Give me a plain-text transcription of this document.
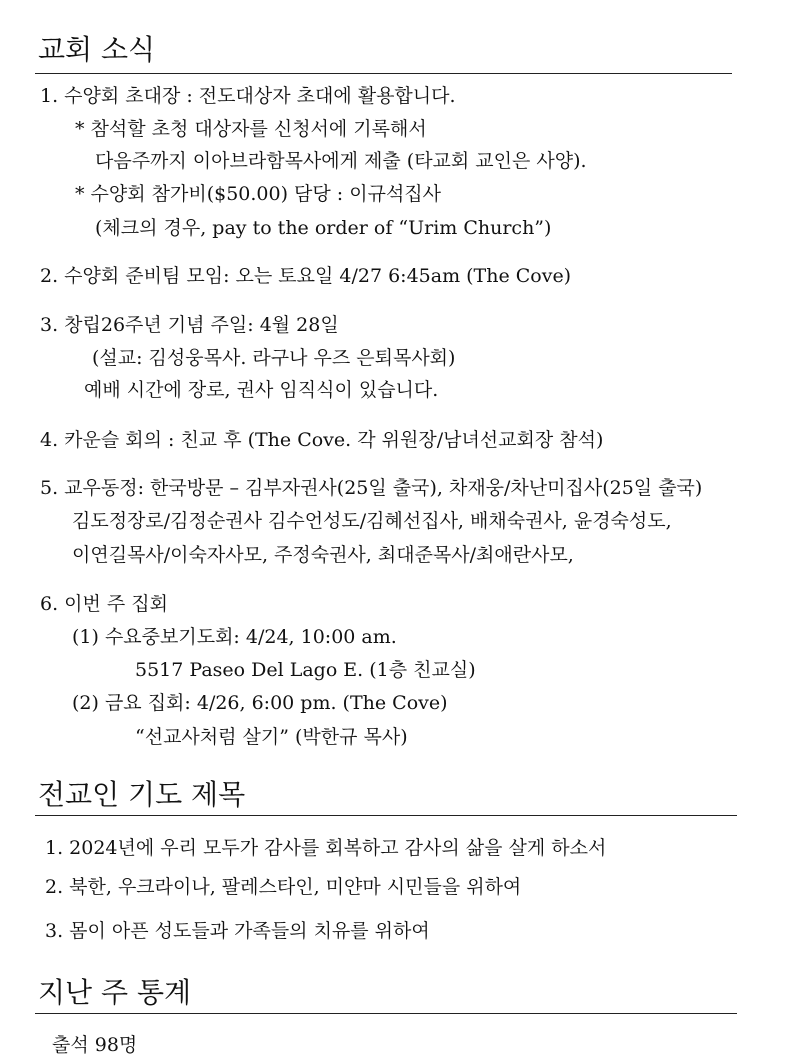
교회 소식
1. 수양회 초대장 : 전도대상자 초대에 활용합니다.
* 참석할 초청 대상자를 신청서에 기록해서
다음주까지 이아브라함목사에게 제출 (타교회 교인은 사양).
* 수양회 참가비($50.00) 담당 : 이규석집사
(체크의 경우, pay to the order of “Urim Church”)
2. 수양회 준비팀 모임: 오는 토요일 4/27 6:45am (The Cove)
3. 창립26주년 기념 주일: 4월 28일
(설교: 김성웅목사. 라구나 우즈 은퇴목사회)
예배 시간에 장로, 권사 임직식이 있습니다.
4. 카운슬 회의 : 친교 후 (The Cove. 각 위원장/남녀선교회장 참석)
5. 교우동정: 한국방문 – 김부자권사(25일 출국), 차재웅/차난미집사(25일 출국)
김도정장로/김정순권사 김수언성도/김혜선집사, 배채숙권사, 윤경숙성도,
이연길목사/이숙자사모, 주정숙권사, 최대준목사/최애란사모,
6. 이번 주 집회
(1) 수요중보기도회: 4/24, 10:00 am.
5517 Paseo Del Lago E. (1층 친교실)
(2) 금요 집회: 4/26, 6:00 pm. (The Cove)
“선교사처럼 살기” (박한규 목사)
전교인 기도 제목
1. 2024년에 우리 모두가 감사를 회복하고 감사의 삶을 살게 하소서
2. 북한, 우크라이나, 팔레스타인, 미얀마 시민들을 위하여
3. 몸이 아픈 성도들과 가족들의 치유를 위하여
지난 주 통계
출석 98명
